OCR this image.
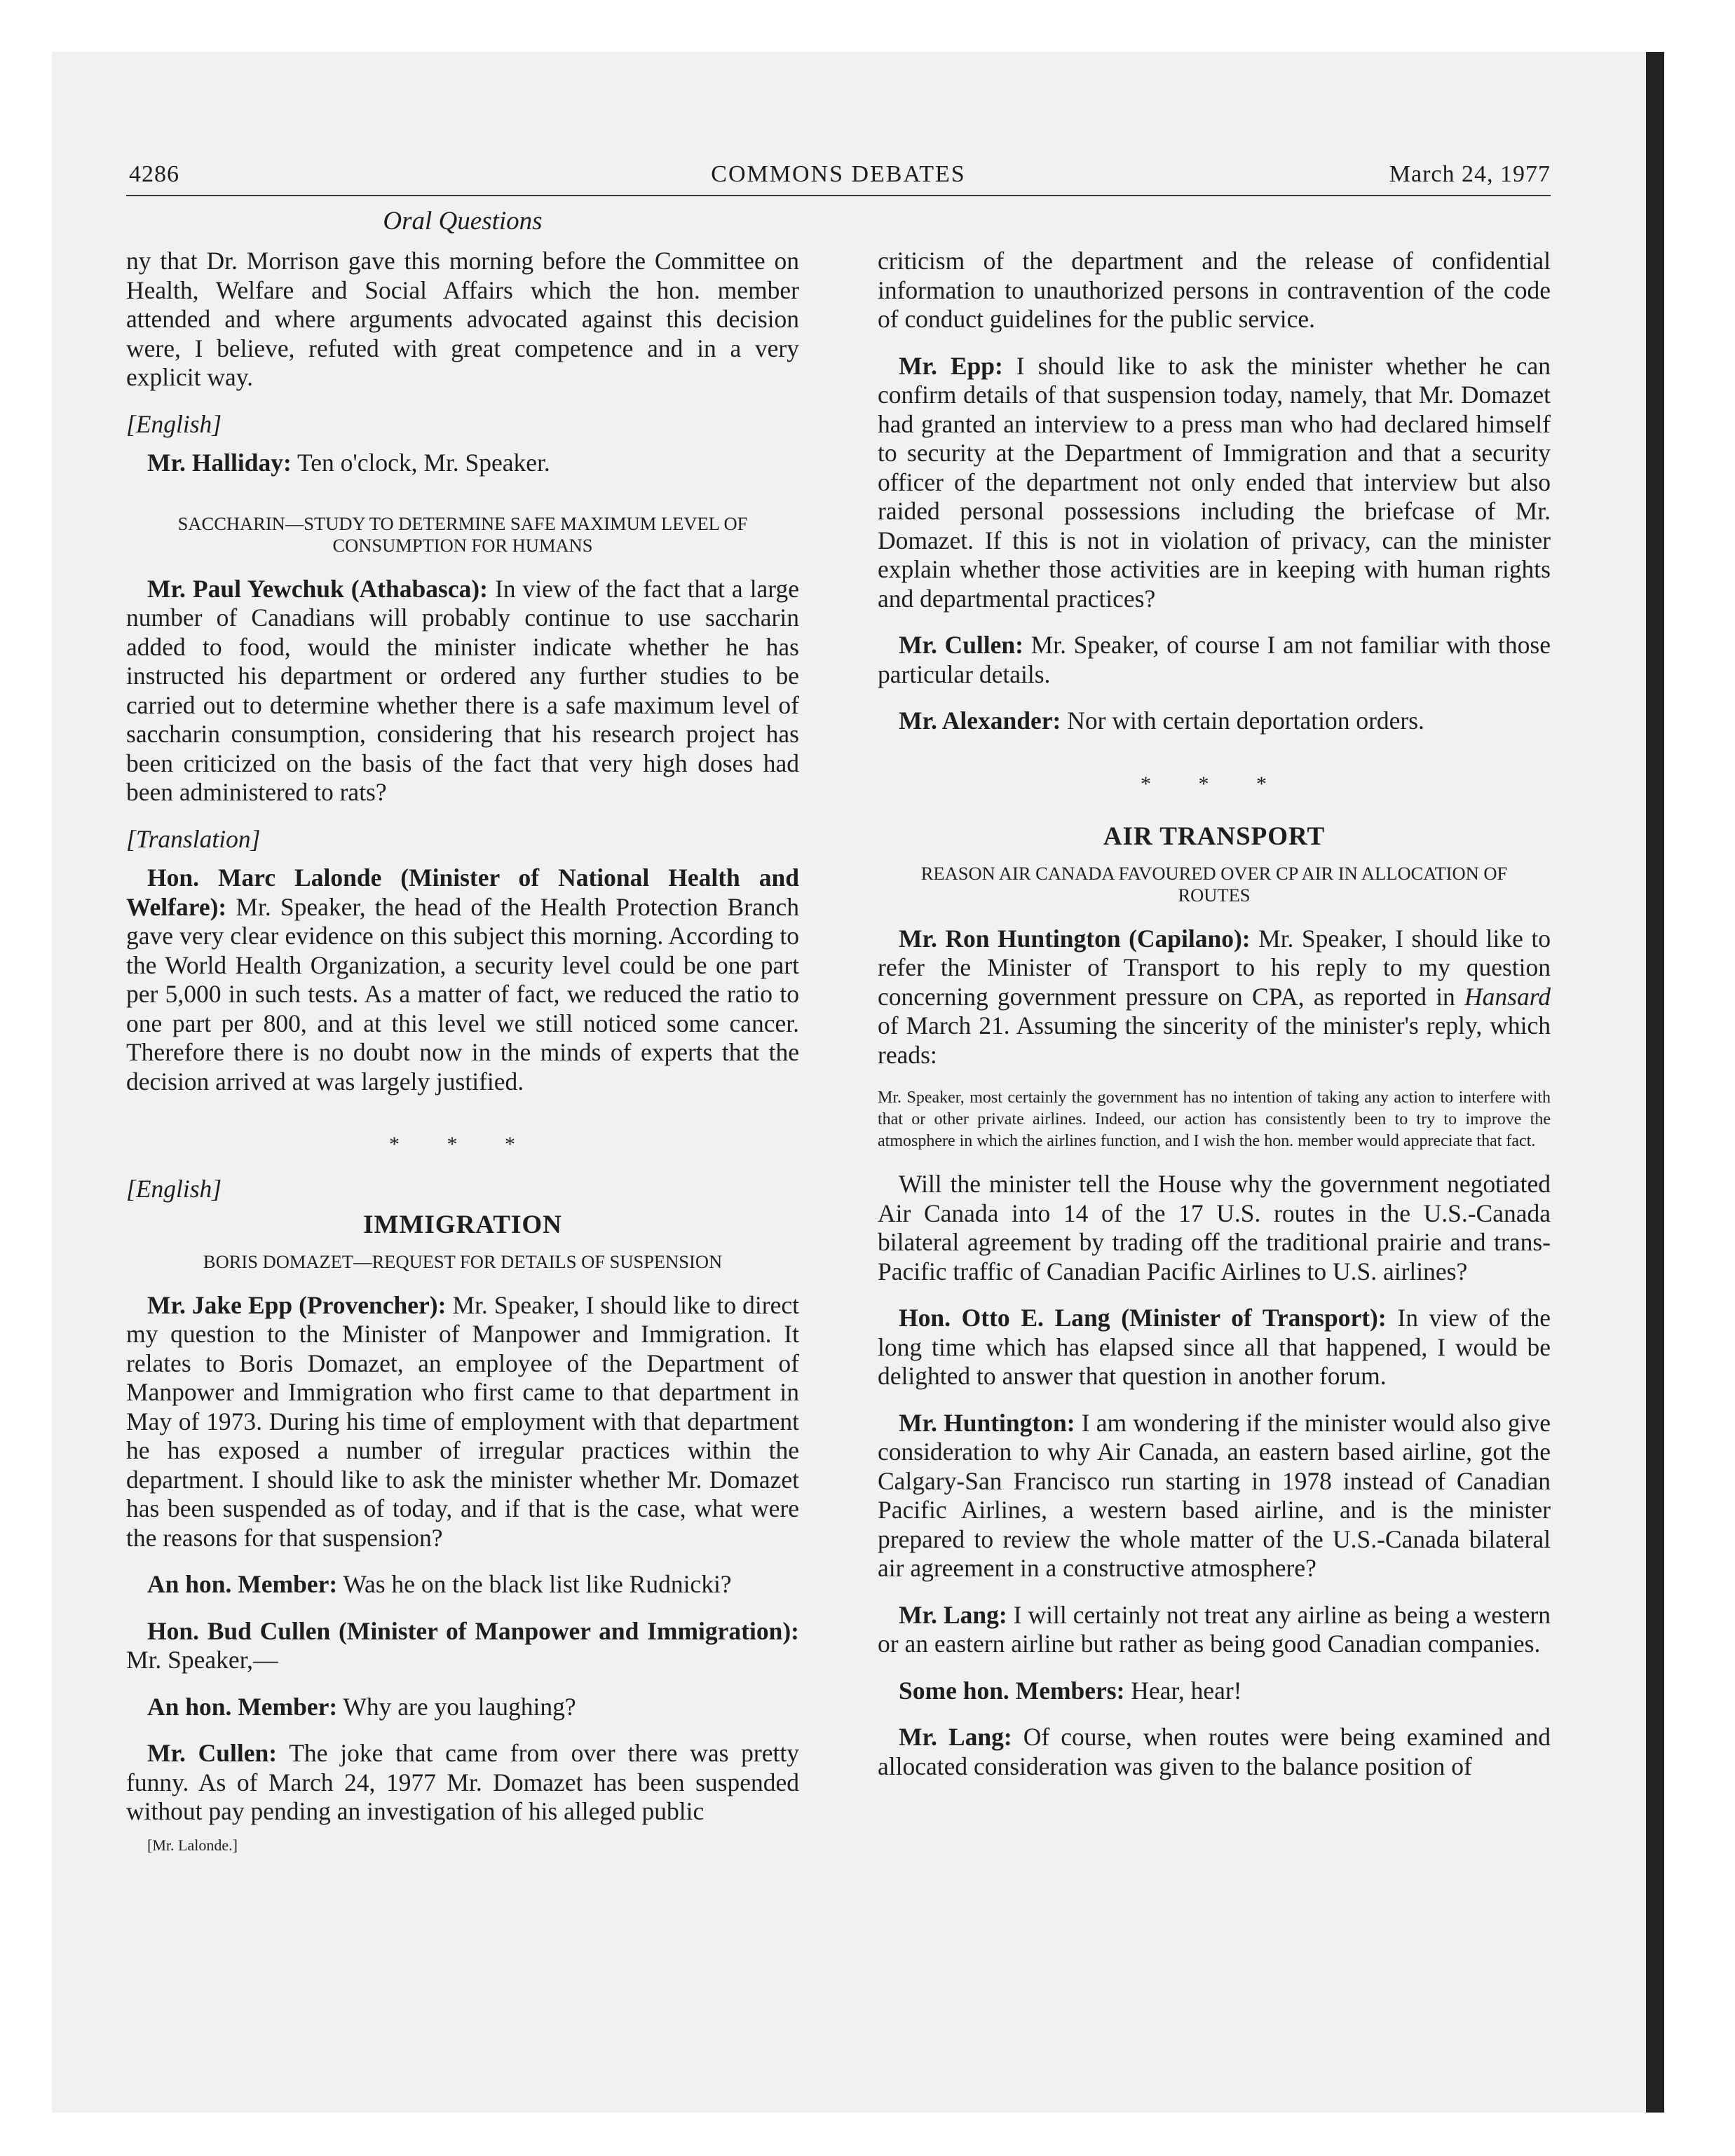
4286	COMMONS DEBATES	March 24, 1977
Oral Questions

ny that Dr. Morrison gave this morning before the Committee on Health, Welfare and Social Affairs which the hon. member attended and where arguments advocated against this decision were, I believe, refuted with great competence and in a very explicit way.

[English]

Mr. Halliday: Ten o'clock, Mr. Speaker.

SACCHARIN—STUDY TO DETERMINE SAFE MAXIMUM LEVEL OF CONSUMPTION FOR HUMANS

Mr. Paul Yewchuk (Athabasca): In view of the fact that a large number of Canadians will probably continue to use saccharin added to food, would the minister indicate whether he has instructed his department or ordered any further studies to be carried out to determine whether there is a safe maximum level of saccharin consumption, considering that his research project has been criticized on the basis of the fact that very high doses had been administered to rats?

[Translation]

Hon. Marc Lalonde (Minister of National Health and Welfare): Mr. Speaker, the head of the Health Protection Branch gave very clear evidence on this subject this morning. According to the World Health Organization, a security level could be one part per 5,000 in such tests. As a matter of fact, we reduced the ratio to one part per 800, and at this level we still noticed some cancer. Therefore there is no doubt now in the minds of experts that the decision arrived at was largely justified.

* * *

[English]

IMMIGRATION
BORIS DOMAZET—REQUEST FOR DETAILS OF SUSPENSION

Mr. Jake Epp (Provencher): Mr. Speaker, I should like to direct my question to the Minister of Manpower and Immigration. It relates to Boris Domazet, an employee of the Department of Manpower and Immigration who first came to that department in May of 1973. During his time of employment with that department he has exposed a number of irregular practices within the department. I should like to ask the minister whether Mr. Domazet has been suspended as of today, and if that is the case, what were the reasons for that suspension?

An hon. Member: Was he on the black list like Rudnicki?

Hon. Bud Cullen (Minister of Manpower and Immigration): Mr. Speaker,—

An hon. Member: Why are you laughing?

Mr. Cullen: The joke that came from over there was pretty funny. As of March 24, 1977 Mr. Domazet has been suspended without pay pending an investigation of his alleged public

[Mr. Lalonde.]

criticism of the department and the release of confidential information to unauthorized persons in contravention of the code of conduct guidelines for the public service.

Mr. Epp: I should like to ask the minister whether he can confirm details of that suspension today, namely, that Mr. Domazet had granted an interview to a press man who had declared himself to security at the Department of Immigration and that a security officer of the department not only ended that interview but also raided personal possessions including the briefcase of Mr. Domazet. If this is not in violation of privacy, can the minister explain whether those activities are in keeping with human rights and departmental practices?

Mr. Cullen: Mr. Speaker, of course I am not familiar with those particular details.

Mr. Alexander: Nor with certain deportation orders.

* * *
AIR TRANSPORT
REASON AIR CANADA FAVOURED OVER CP AIR IN ALLOCATION OF ROUTES

Mr. Ron Huntington (Capilano): Mr. Speaker, I should like to refer the Minister of Transport to his reply to my question concerning government pressure on CPA, as reported in Hansard of March 21. Assuming the sincerity of the minister's reply, which reads:

Mr. Speaker, most certainly the government has no intention of taking any action to interfere with that or other private airlines. Indeed, our action has consistently been to try to improve the atmosphere in which the airlines function, and I wish the hon. member would appreciate that fact.

Will the minister tell the House why the government negotiated Air Canada into 14 of the 17 U.S. routes in the U.S.-Canada bilateral agreement by trading off the traditional prairie and trans-Pacific traffic of Canadian Pacific Airlines to U.S. airlines?

Hon. Otto E. Lang (Minister of Transport): In view of the long time which has elapsed since all that happened, I would be delighted to answer that question in another forum.

Mr. Huntington: I am wondering if the minister would also give consideration to why Air Canada, an eastern based airline, got the Calgary-San Francisco run starting in 1978 instead of Canadian Pacific Airlines, a western based airline, and is the minister prepared to review the whole matter of the U.S.-Canada bilateral air agreement in a constructive atmosphere?

Mr. Lang: I will certainly not treat any airline as being a western or an eastern airline but rather as being good Canadian companies.

Some hon. Members: Hear, hear!

Mr. Lang: Of course, when routes were being examined and allocated consideration was given to the balance position of
